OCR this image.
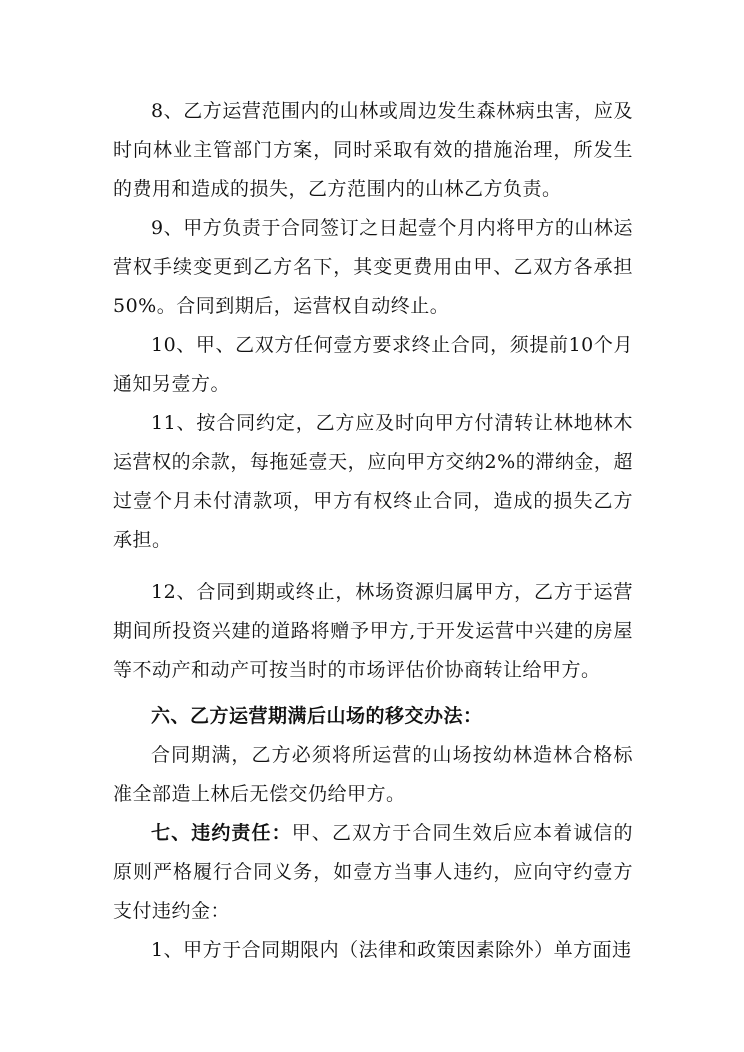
8、乙方运营范围内的山林或周边发生森林病虫害，应及时向林业主管部门方案，同时采取有效的措施治理，所发生的费用和造成的损失，乙方范围内的山林乙方负责。

9、甲方负责于合同签订之日起壹个月内将甲方的山林运营权手续变更到乙方名下，其变更费用由甲、乙双方各承担50%。合同到期后，运营权自动终止。

10、甲、乙双方任何壹方要求终止合同，须提前10个月通知另壹方。

11、按合同约定，乙方应及时向甲方付清转让林地林木运营权的余款，每拖延壹天，应向甲方交纳2%的滞纳金，超过壹个月未付清款项，甲方有权终止合同，造成的损失乙方承担。

12、合同到期或终止，林场资源归属甲方，乙方于运营期间所投资兴建的道路将赠予甲方,于开发运营中兴建的房屋等不动产和动产可按当时的市场评估价协商转让给甲方。

六、乙方运营期满后山场的移交办法：

合同期满，乙方必须将所运营的山场按幼林造林合格标准全部造上林后无偿交仍给甲方。

七、违约责任：甲、乙双方于合同生效后应本着诚信的原则严格履行合同义务，如壹方当事人违约，应向守约壹方支付违约金：

1、甲方于合同期限内（法律和政策因素除外）单方面违
